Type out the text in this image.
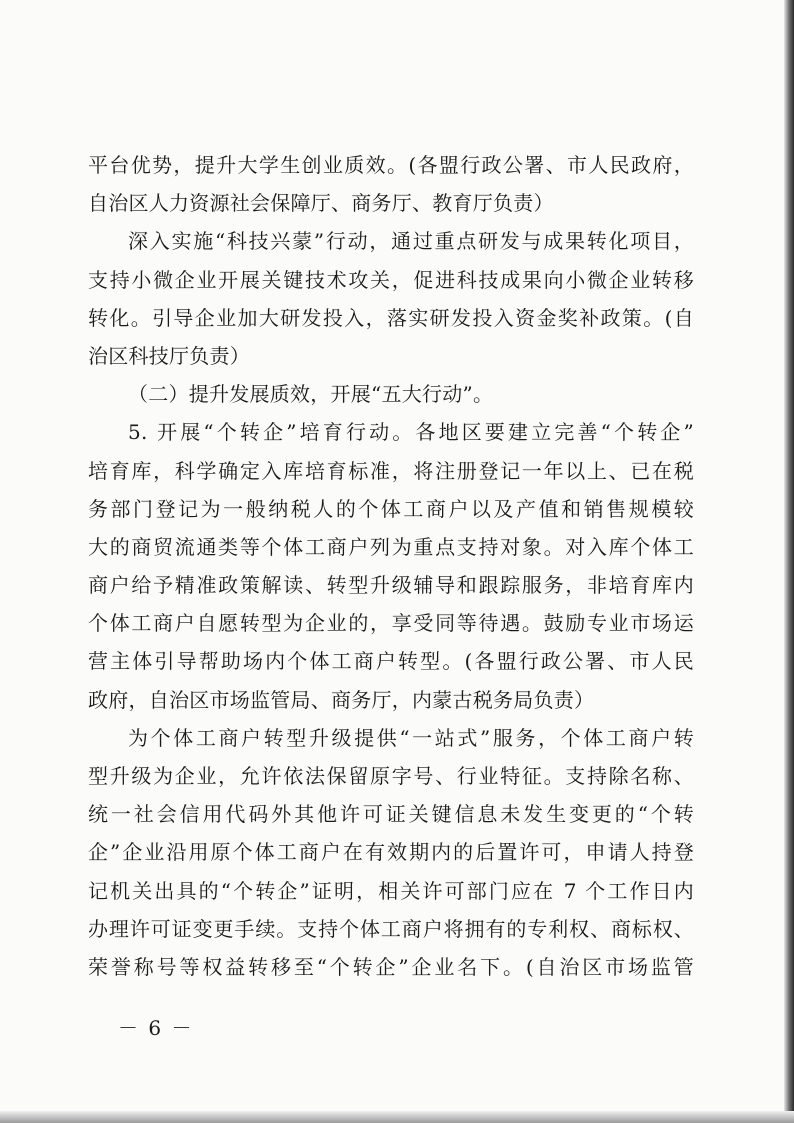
平台优势，提升大学生创业质效。(各盟行政公署、市人民政府，
自治区人力资源社会保障厅、商务厅、教育厅负责）
深入实施“科技兴蒙”行动，通过重点研发与成果转化项目，
支持小微企业开展关键技术攻关，促进科技成果向小微企业转移
转化。引导企业加大研发投入，落实研发投入资金奖补政策。(自
治区科技厅负责）
（二）提升发展质效，开展“五大行动”。
5. 开展“个转企”培育行动。各地区要建立完善“个转企”
培育库，科学确定入库培育标准，将注册登记一年以上、已在税
务部门登记为一般纳税人的个体工商户以及产值和销售规模较
大的商贸流通类等个体工商户列为重点支持对象。对入库个体工
商户给予精准政策解读、转型升级辅导和跟踪服务，非培育库内
个体工商户自愿转型为企业的，享受同等待遇。鼓励专业市场运
营主体引导帮助场内个体工商户转型。(各盟行政公署、市人民
政府，自治区市场监管局、商务厅，内蒙古税务局负责）
为个体工商户转型升级提供“一站式”服务，个体工商户转
型升级为企业，允许依法保留原字号、行业特征。支持除名称、
统一社会信用代码外其他许可证关键信息未发生变更的“个转
企”企业沿用原个体工商户在有效期内的后置许可，申请人持登
记机关出具的“个转企”证明，相关许可部门应在 7 个工作日内
办理许可证变更手续。支持个体工商户将拥有的专利权、商标权、
荣誉称号等权益转移至“个转企”企业名下。(自治区市场监管
－ 6 －
